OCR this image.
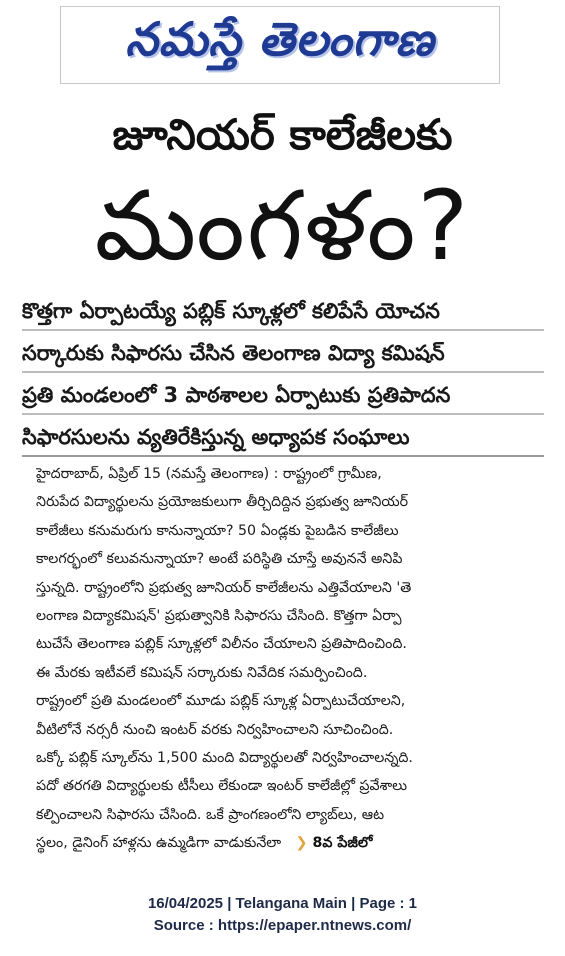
నమస్తే తెలంగాణ
జూనియర్ కాలేజీలకు
మంగళం?
కొత్తగా ఏర్పాటయ్యే పబ్లిక్ స్కూళ్లలో కలిపేసే యోచన
సర్కారుకు సిఫారసు చేసిన తెలంగాణ విద్యా కమిషన్
ప్రతి మండలంలో 3 పాఠశాలల ఏర్పాటుకు ప్రతిపాదన
సిఫారసులను వ్యతిరేకిస్తున్న అధ్యాపక సంఘాలు
హైదరాబాద్, ఏప్రిల్ 15 (నమస్తే తెలంగాణ) : రాష్ట్రంలో గ్రామీణ,
నిరుపేద విద్యార్థులను ప్రయోజకులుగా తీర్చిదిద్దిన ప్రభుత్వ జూనియర్
కాలేజీలు కనుమరుగు కానున్నాయా? 50 ఏండ్లకు పైబడిన కాలేజీలు
కాలగర్భంలో కలువనున్నాయా? అంటే పరిస్థితి చూస్తే అవుననే అనిపి
స్తున్నది. రాష్ట్రంలోని ప్రభుత్వ జూనియర్ కాలేజీలను ఎత్తివేయాలని 'తె
లంగాణ విద్యాకమిషన్' ప్రభుత్వానికి సిఫారసు చేసింది. కొత్తగా ఏర్పా
టుచేసే తెలంగాణ పబ్లిక్ స్కూళ్లలో విలీనం చేయాలని ప్రతిపాదించింది.
ఈ మేరకు ఇటీవలే కమిషన్ సర్కారుకు నివేదిక సమర్పించింది.
రాష్ట్రంలో ప్రతి మండలంలో మూడు పబ్లిక్ స్కూళ్ల ఏర్పాటుచేయాలని,
వీటిలోనే నర్సరీ నుంచి ఇంటర్ వరకు నిర్వహించాలని సూచించింది.
ఒక్కో పబ్లిక్ స్కూల్‌ను 1,500 మంది విద్యార్థులతో నిర్వహించాలన్నది.
పదో తరగతి విద్యార్థులకు టీసీలు లేకుండా ఇంటర్ కాలేజీల్లో ప్రవేశాలు
కల్పించాలని సిఫారసు చేసింది. ఒకే ప్రాంగణంలోని ల్యాబ్‌లు, ఆట
స్థలం, డైనింగ్ హాళ్లను ఉమ్మడిగా వాడుకునేలా ❯ 8వ పేజీలో
16/04/2025 | Telangana Main | Page : 1
Source : https://epaper.ntnews.com/
